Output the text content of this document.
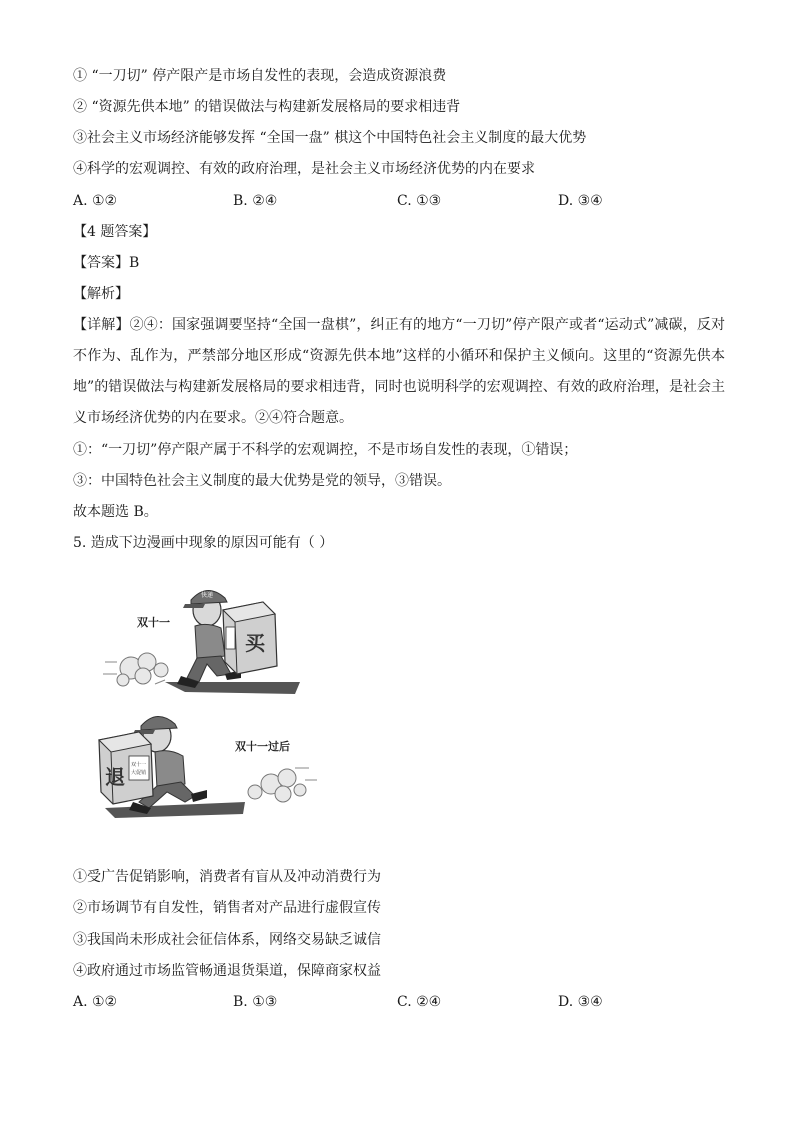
① “一刀切” 停产限产是市场自发性的表现，会造成资源浪费
② “资源先供本地” 的错误做法与构建新发展格局的要求相违背
③社会主义市场经济能够发挥 “全国一盘” 棋这个中国特色社会主义制度的最大优势
④科学的宏观调控、有效的政府治理，是社会主义市场经济优势的内在要求
A. ①②	B. ②④	C. ①③	D. ③④
【4 题答案】
【答案】B
【解析】
【详解】②④：国家强调要坚持“全国一盘棋”，纠正有的地方“一刀切”停产限产或者“运动式”减碳，反对不作为、乱作为，严禁部分地区形成“资源先供本地”这样的小循环和保护主义倾向。这里的“资源先供本地”的错误做法与构建新发展格局的要求相违背，同时也说明科学的宏观调控、有效的政府治理，是社会主义市场经济优势的内在要求。②④符合题意。
①：“一刀切”停产限产属于不科学的宏观调控，不是市场自发性的表现，①错误；
③：中国特色社会主义制度的最大优势是党的领导，③错误。
故本题选 B。
5. 造成下边漫画中现象的原因可能有（ ）
双十一
快递
买
双十一过后
退 双十一
大促销
①受广告促销影响，消费者有盲从及冲动消费行为
②市场调节有自发性，销售者对产品进行虚假宣传
③我国尚未形成社会征信体系，网络交易缺乏诚信
④政府通过市场监管畅通退货渠道，保障商家权益
A. ①②	B. ①③	C. ②④	D. ③④
